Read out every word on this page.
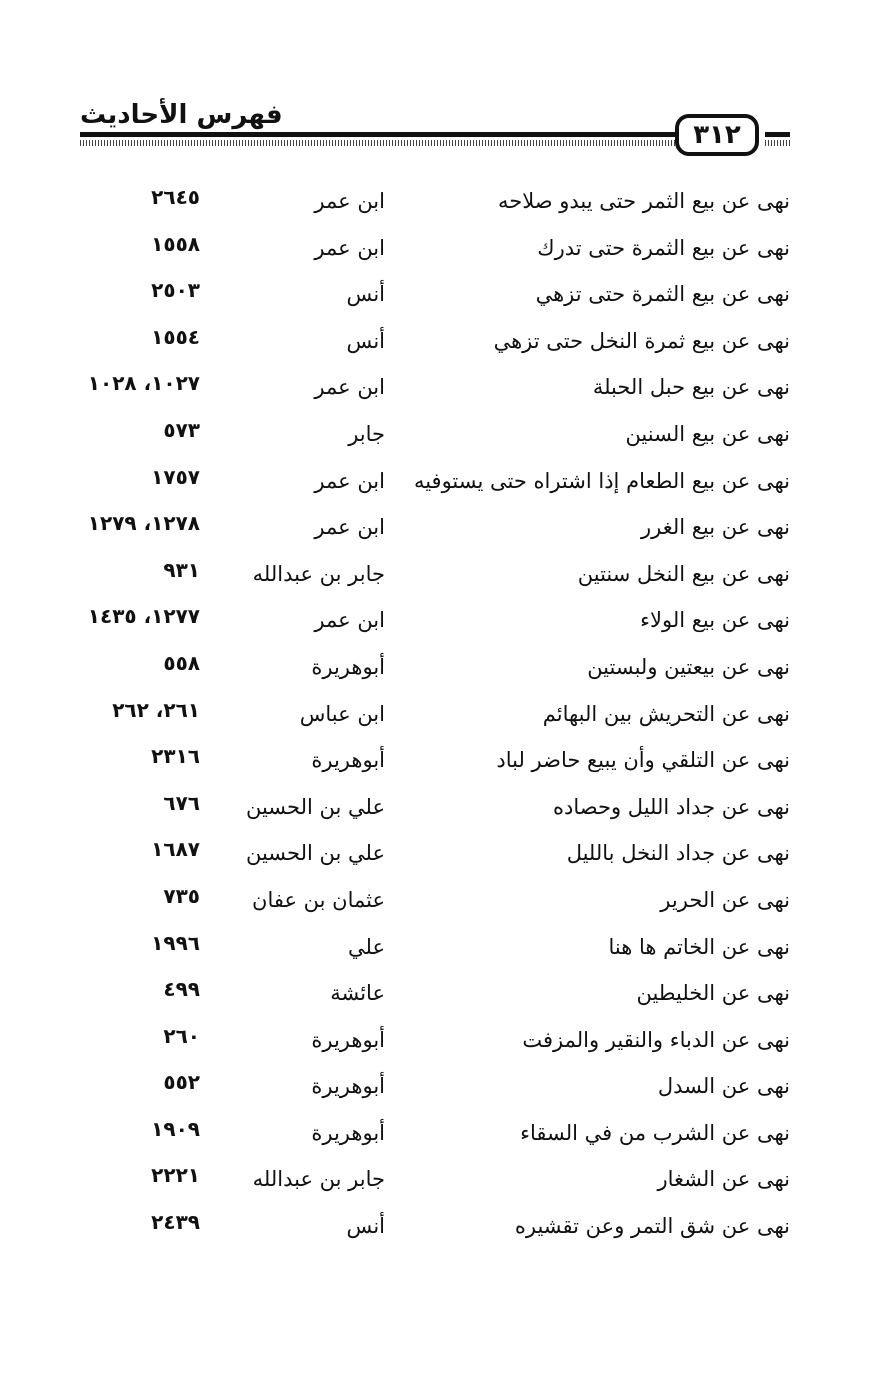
فهرس الأحاديث
٣١٢
نهى عن بيع الثمر حتى يبدو صلاحه
ابن عمر
٢٦٤٥
نهى عن بيع الثمرة حتى تدرك
ابن عمر
١٥٥٨
نهى عن بيع الثمرة حتى تزهي
أنس
٢٥٠٣
نهى عن بيع ثمرة النخل حتى تزهي
أنس
١٥٥٤
نهى عن بيع حبل الحبلة
ابن عمر
١٠٢٧، ١٠٢٨
نهى عن بيع السنين
جابر
٥٧٣
نهى عن بيع الطعام إذا اشتراه حتى يستوفيه
ابن عمر
١٧٥٧
نهى عن بيع الغرر
ابن عمر
١٢٧٨، ١٢٧٩
نهى عن بيع النخل سنتين
جابر بن عبدالله
٩٣١
نهى عن بيع الولاء
ابن عمر
١٢٧٧، ١٤٣٥
نهى عن بيعتين ولبستين
أبوهريرة
٥٥٨
نهى عن التحريش بين البهائم
ابن عباس
٢٦١، ٢٦٢
نهى عن التلقي وأن يبيع حاضر لباد
أبوهريرة
٢٣١٦
نهى عن جداد الليل وحصاده
علي بن الحسين
٦٧٦
نهى عن جداد النخل بالليل
علي بن الحسين
١٦٨٧
نهى عن الحرير
عثمان بن عفان
٧٣٥
نهى عن الخاتم ها هنا
علي
١٩٩٦
نهى عن الخليطين
عائشة
٤٩٩
نهى عن الدباء والنقير والمزفت
أبوهريرة
٢٦٠
نهى عن السدل
أبوهريرة
٥٥٢
نهى عن الشرب من في السقاء
أبوهريرة
١٩٠٩
نهى عن الشغار
جابر بن عبدالله
٢٢٢١
نهى عن شق التمر وعن تقشيره
أنس
٢٤٣٩
